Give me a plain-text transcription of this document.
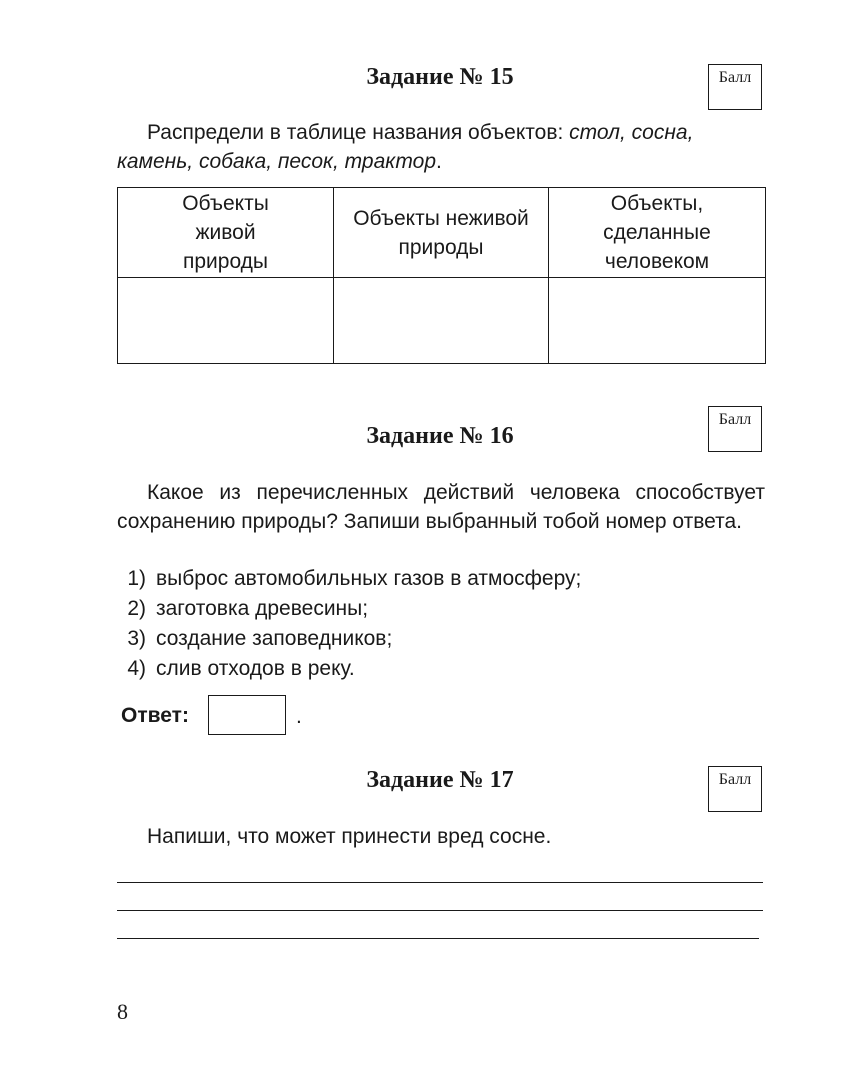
Задание № 15	Балл
Распредели в таблице названия объектов: стол, сосна,
камень, собака, песок, трактор.
Объекты живой природы	Объекты неживой природы	Объекты, сделанные человеком

Балл
Задание № 16
Какое из перечисленных действий человека способствует сохранению природы? Запиши выбранный тобой номер ответа.
1) выброс автомобильных газов в атмосферу;
2) заготовка древесины;
3) создание заповедников;
4) слив отходов в реку.
Ответ:	.
Задание № 17	Балл
Напиши, что может принести вред сосне.
8
